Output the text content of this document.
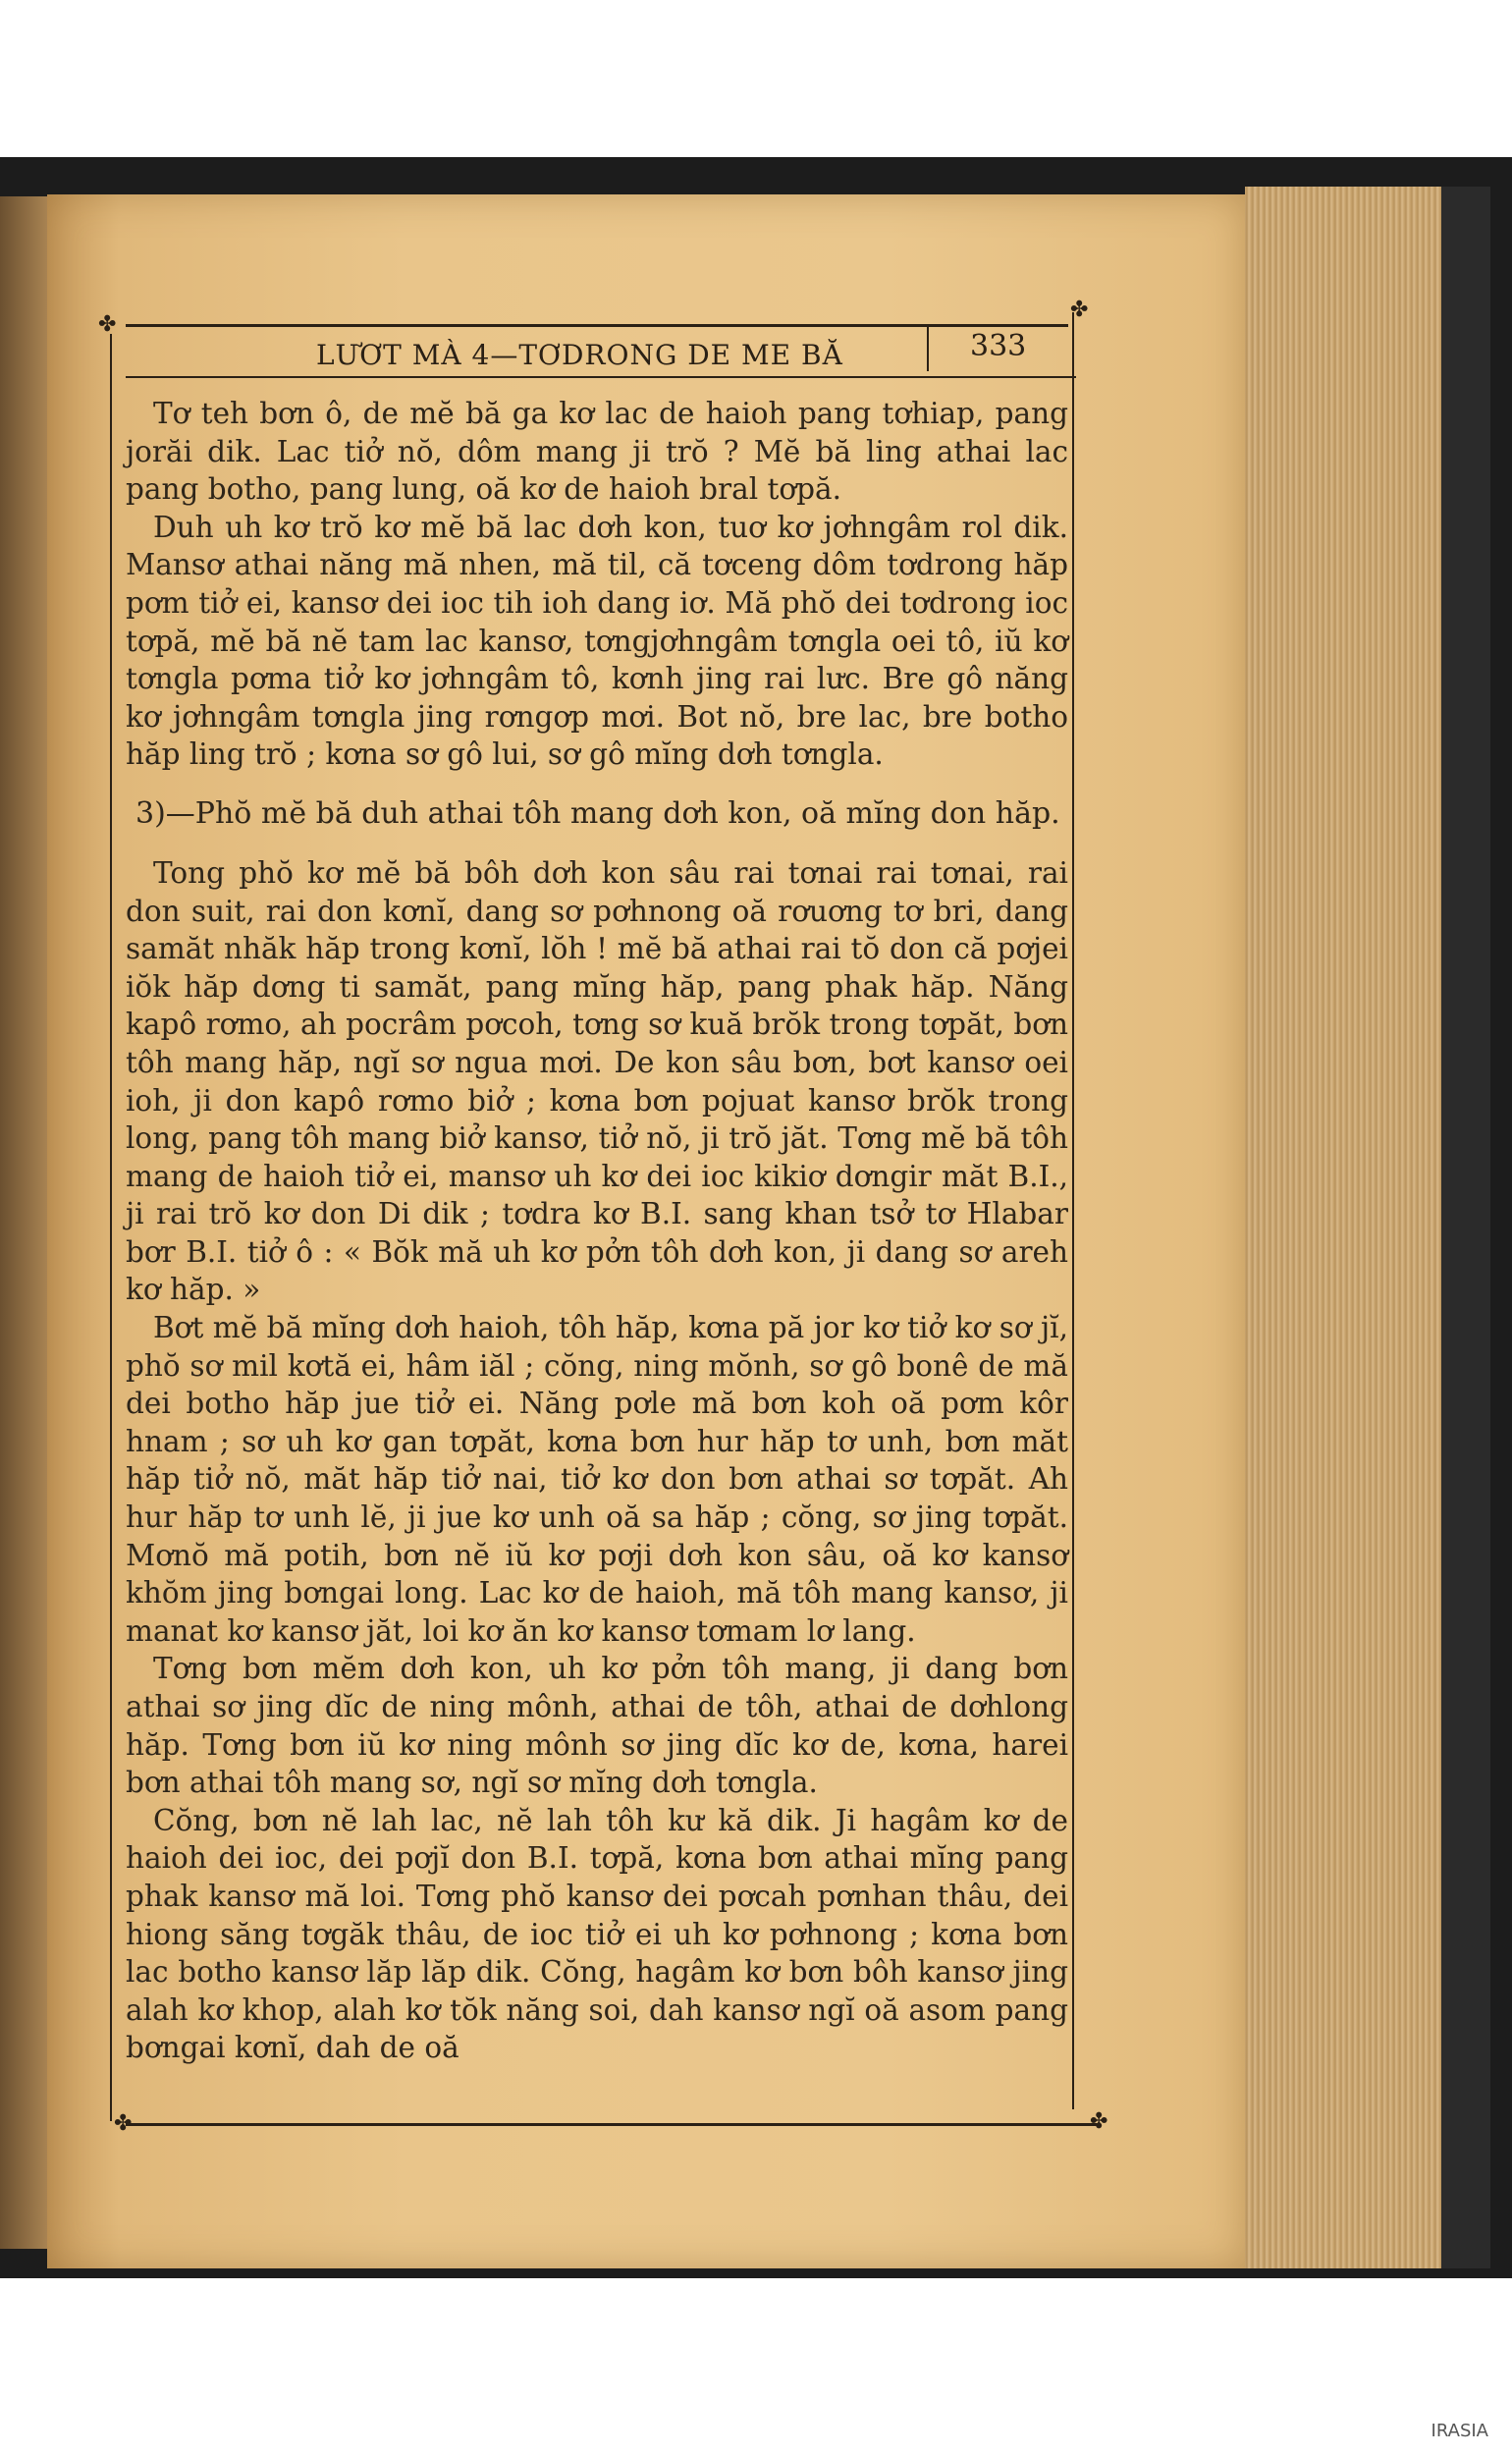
✤
✤
✤	✤
LƯƠT MÀ 4—TƠDRONG DE ME BĂ	333

Tơ teh bơn ô, de mĕ bă ga kơ lac de haioh pang tơhiap, pang jorăi dik. Lac tiở nŏ, dôm mang ji trŏ ? Mĕ bă ling athai lac pang botho, pang lung, oă kơ de haioh bral tơpă.

Duh uh kơ trŏ kơ mĕ bă lac dơh kon, tuơ kơ jơhngâm rol dik. Mansơ athai năng mă nhen, mă til, că tơceng dôm tơdrong hăp pơm tiở ei, kansơ dei ioc tih ioh dang iơ. Mă phŏ dei tơdrong ioc tơpă, mĕ bă nĕ tam lac kansơ, tơngjơhngâm tơngla oei tô, iŭ kơ tơngla pơma tiở kơ jơhngâm tô, kơnh jing rai lưc. Bre gô năng kơ jơhngâm tơngla jing rơngơp mơi. Bot nŏ, bre lac, bre botho hăp ling trŏ ; kơna sơ gô lui, sơ gô mĭng dơh tơngla.

3)—Phŏ mĕ bă duh athai tôh mang dơh kon, oă mĭng don hăp.

Tong phŏ kơ mĕ bă bôh dơh kon sâu rai tơnai rai tơnai, rai don suit, rai don kơnĭ, dang sơ pơhnong oă rơuơng tơ bri, dang samăt nhăk hăp trong kơnĭ, lŏh ! mĕ bă athai rai tŏ don că pơjei iŏk hăp dơng ti samăt, pang mĭng hăp, pang phak hăp. Năng kapô rơmo, ah pocrâm pơcoh, tơng sơ kuă brŏk trong tơpăt, bơn tôh mang hăp, ngĭ sơ ngua mơi. De kon sâu bơn, bơt kansơ oei ioh, ji don kapô rơmo biở ; kơna bơn pojuat kansơ brŏk trong long, pang tôh mang biở kansơ, tiở nŏ, ji trŏ jăt. Tơng mĕ bă tôh mang de haioh tiở ei, mansơ uh kơ dei ioc kikiơ dơngir măt B.I., ji rai trŏ kơ don Di dik ; tơdra kơ B.I. sang khan tsở tơ Hlabar bơr B.I. tiở ô : « Bŏk mă uh kơ pởn tôh dơh kon, ji dang sơ areh kơ hăp. »

Bơt mĕ bă mĭng dơh haioh, tôh hăp, kơna pă jor kơ tiở kơ sơ jĭ, phŏ sơ mil kơtă ei, hâm iăl ; cŏng, ning mŏnh, sơ gô bonê de mă dei botho hăp jue tiở ei. Năng pơle mă bơn koh oă pơm kôr hnam ; sơ uh kơ gan tơpăt, kơna bơn hur hăp tơ unh, bơn măt hăp tiở nŏ, măt hăp tiở nai, tiở kơ don bơn athai sơ tơpăt. Ah hur hăp tơ unh lĕ, ji jue kơ unh oă sa hăp ; cŏng, sơ jing tơpăt. Mơnŏ mă potih, bơn nĕ iŭ kơ pơji dơh kon sâu, oă kơ kansơ khŏm jing bơngai long. Lac kơ de haioh, mă tôh mang kansơ, ji manat kơ kansơ jăt, loi kơ ăn kơ kansơ tơmam lơ lang.

Tơng bơn mĕm dơh kon, uh kơ pởn tôh mang, ji dang bơn athai sơ jing dĭc de ning mônh, athai de tôh, athai de dơhlong hăp. Tơng bơn iŭ kơ ning mônh sơ jing dĭc kơ de, kơna, harei bơn athai tôh mang sơ, ngĭ sơ mĭng dơh tơngla.

Cŏng, bơn nĕ lah lac, nĕ lah tôh kư kă dik. Ji hagâm kơ de haioh dei ioc, dei pơjĭ don B.I. tơpă, kơna bơn athai mĭng pang phak kansơ mă loi. Tơng phŏ kansơ dei pơcah pơnhan thâu, dei hiong săng tơgăk thâu, de ioc tiở ei uh kơ pơhnong ; kơna bơn lac botho kansơ lăp lăp dik. Cŏng, hagâm kơ bơn bôh kansơ jing alah kơ khop, alah kơ tŏk năng soi, dah kansơ ngĭ oă asom pang bơngai kơnĭ, dah de oă

IRASIA
